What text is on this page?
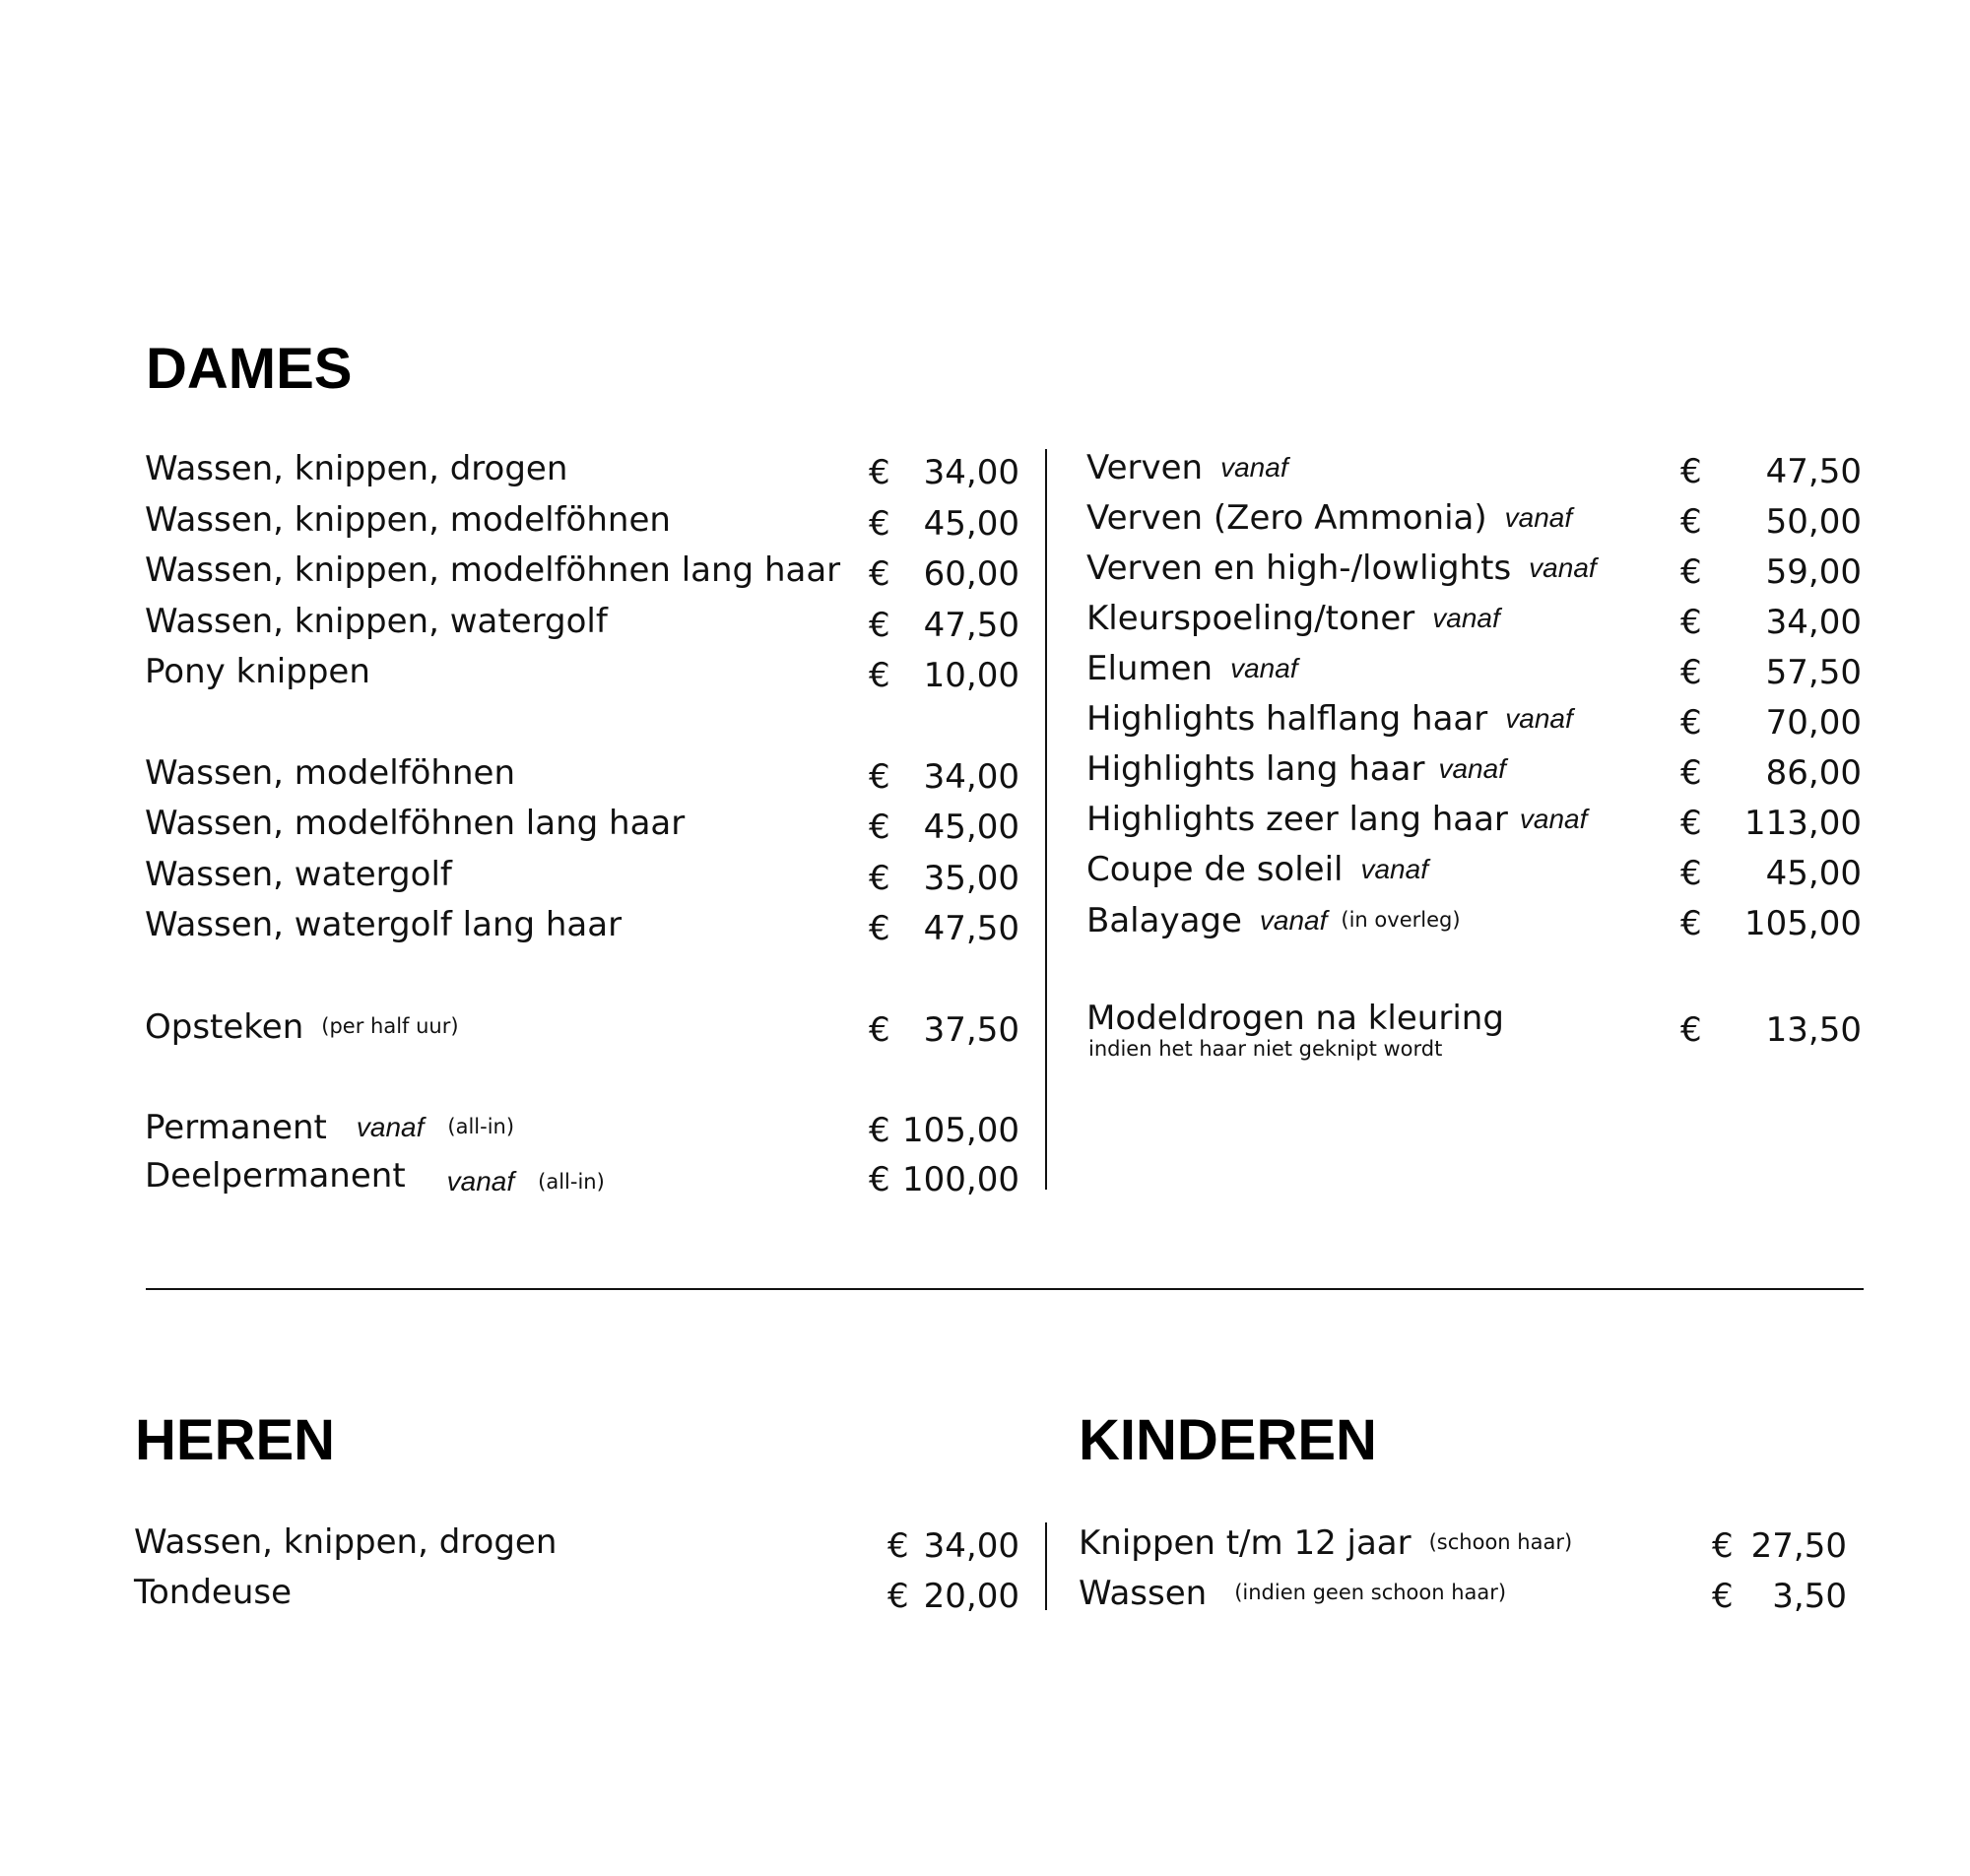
DAMES
Wassen, knippen, drogen	€ 34,00
Wassen, knippen, modelföhnen	€ 45,00
Wassen, knippen, modelföhnen lang haar € 60,00
Wassen, knippen, watergolf	€ 47,50
Pony knippen	€ 10,00
Wassen, modelföhnen	€ 34,00
Wassen, modelföhnen lang haar	€ 45,00
Wassen, watergolf	€ 35,00
Wassen, watergolf lang haar	€ 47,50
Opsteken (per half uur)	€ 37,50
Permanent vanaf (all-in)	€ 105,00
Deelpermanent vanaf (all-in)	€ 100,00
Verven vanaf	€ 47,50
Verven (Zero Ammonia) vanaf	€ 50,00
Verven en high-/lowlights vanaf	€ 59,00
Kleurspoeling/toner vanaf	€ 34,00
Elumen vanaf	€ 57,50
Highlights halflang haar vanaf	€ 70,00
Highlights lang haar vanaf	€ 86,00
Highlights zeer lang haar vanaf	€ 113,00
Coupe de soleil vanaf	€ 45,00
Balayage vanaf (in overleg)	€ 105,00
Modeldrogen na kleuring
indien het haar niet geknipt wordt	€ 13,50
HEREN
Wassen, knippen, drogen	€ 34,00
Tondeuse	€ 20,00
KINDEREN
Knippen t/m 12 jaar (schoon haar)	€ 27,50
Wassen (indien geen schoon haar)	€ 3,50
